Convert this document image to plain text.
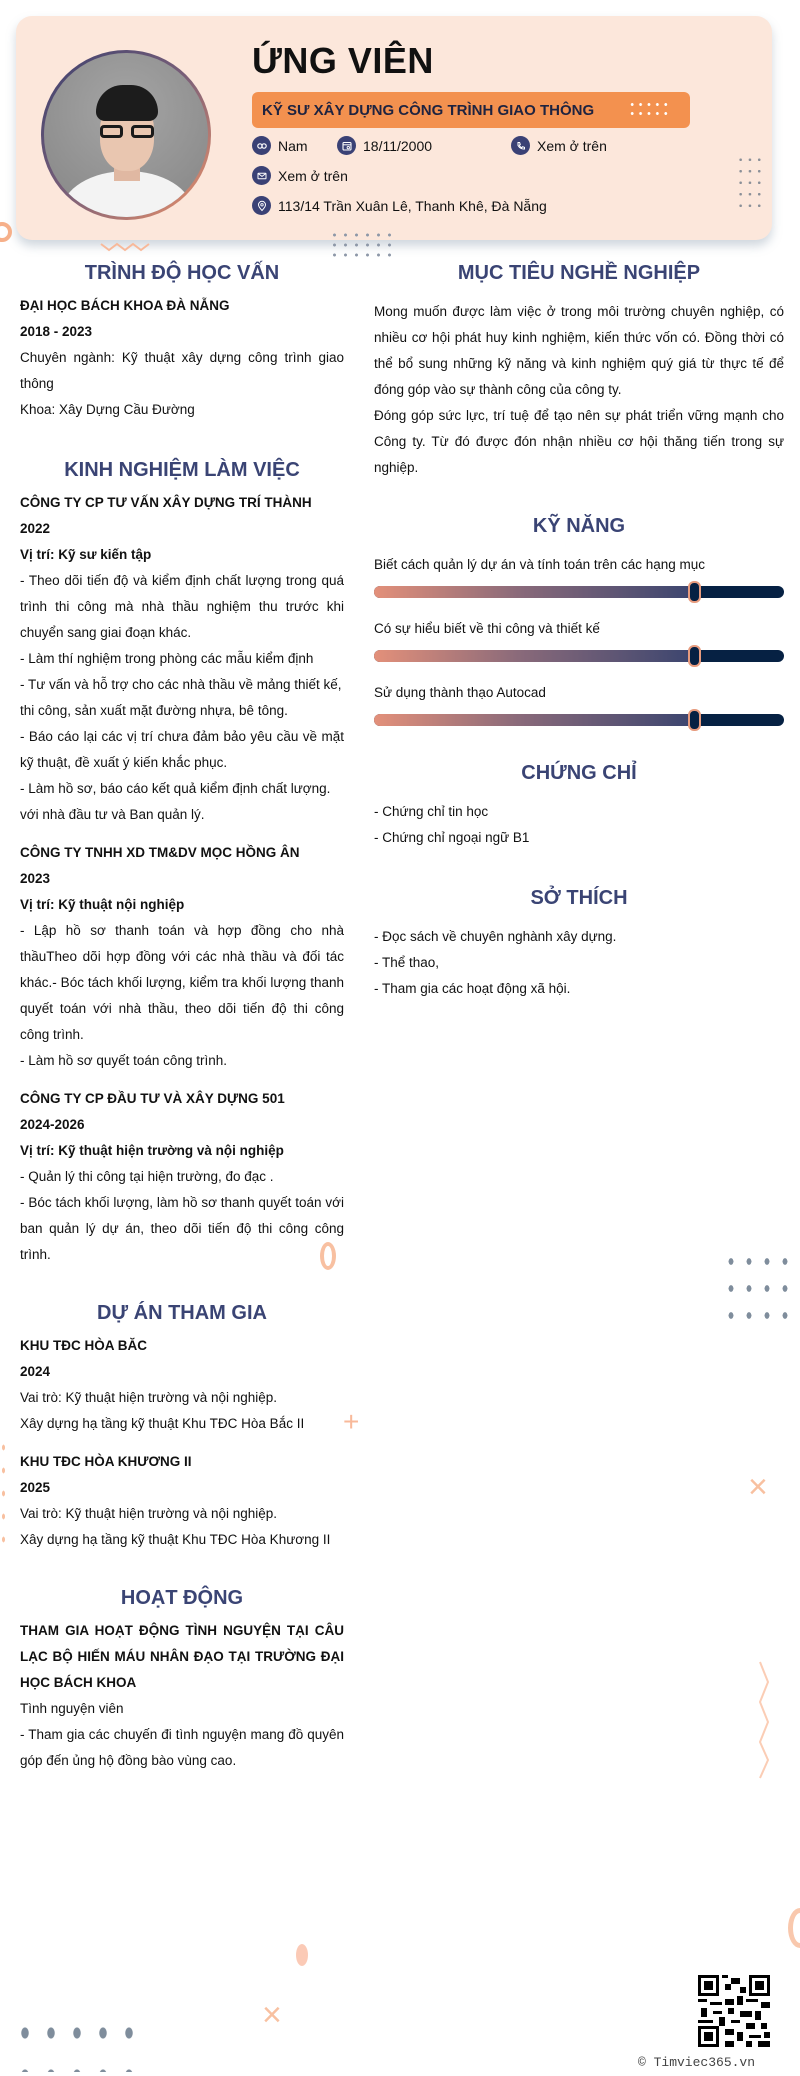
ỨNG VIÊN
KỸ SƯ XÂY DỰNG CÔNG TRÌNH GIAO THÔNG
Nam	18/11/2000	Xem ở trên
Xem ở trên
113/14 Trần Xuân Lê, Thanh Khê, Đà Nẵng
TRÌNH ĐỘ HỌC VẤN
ĐẠI HỌC BÁCH KHOA ĐÀ NẴNG
2018 - 2023
Chuyên ngành: Kỹ thuật xây dựng công trình giao thông
Khoa: Xây Dựng Cầu Đường
KINH NGHIỆM LÀM VIỆC
CÔNG TY CP TƯ VẤN XÂY DỰNG TRÍ THÀNH
2022
Vị trí: Kỹ sư kiến tập
- Theo dõi tiến độ và kiểm định chất lượng trong quá trình thi công mà nhà thầu nghiệm thu trước khi chuyển sang giai đoạn khác.
- Làm thí nghiệm trong phòng các mẫu kiểm định
- Tư vấn và hỗ trợ cho các nhà thầu về mảng thiết kế,
thi công, sản xuất mặt đường nhựa, bê tông.
- Báo cáo lại các vị trí chưa đảm bảo yêu cầu về mặt kỹ thuật, đề xuất ý kiến khắc phục.
- Làm hồ sơ, báo cáo kết quả kiểm định chất lượng.
với nhà đầu tư và Ban quản lý.
CÔNG TY TNHH XD TM&DV MỌC HỒNG ÂN
2023
Vị trí: Kỹ thuật nội nghiệp
- Lập hồ sơ thanh toán và hợp đồng cho nhà thầuTheo dõi hợp đồng với các nhà thầu và đối tác khác.- Bóc tách khối lượng, kiểm tra khối lượng thanh quyết toán với nhà thầu, theo dõi tiến độ thi công công trình.
- Làm hồ sơ quyết toán công trình.
CÔNG TY CP ĐẦU TƯ VÀ XÂY DỰNG 501
2024-2026
Vị trí: Kỹ thuật hiện trường và nội nghiệp
- Quản lý thi công tại hiện trường, đo đạc .
- Bóc tách khối lượng, làm hồ sơ thanh quyết toán với ban quản lý dự án, theo dõi tiến độ thi công công trình.
DỰ ÁN THAM GIA
KHU TĐC HÒA BĂC
2024
Vai trò: Kỹ thuật hiện trường và nội nghiệp.
Xây dựng hạ tầng kỹ thuật Khu TĐC Hòa Bắc II
KHU TĐC HÒA KHƯƠNG II
2025
Vai trò: Kỹ thuật hiện trường và nội nghiệp.
Xây dựng hạ tầng kỹ thuật Khu TĐC Hòa Khương II
HOẠT ĐỘNG
THAM GIA HOẠT ĐỘNG TÌNH NGUYỆN TẠI CÂU LẠC BỘ HIẾN MÁU NHÂN ĐẠO TẠI TRƯỜNG ĐẠI HỌC BÁCH KHOA
Tình nguyện viên
- Tham gia các chuyến đi tình nguyện mang đồ quyên góp đến ủng hộ đồng bào vùng cao.
MỤC TIÊU NGHỀ NGHIỆP
Mong muốn được làm việc ở trong môi trường chuyên nghiệp, có nhiều cơ hội phát huy kinh nghiệm, kiến thức vốn có. Đồng thời có thể bổ sung những kỹ năng và kinh nghiệm quý giá từ thực tế để đóng góp vào sự thành công của công ty.
Đóng góp sức lực, trí tuệ để tạo nên sự phát triển vững mạnh cho Công ty. Từ đó được đón nhận nhiều cơ hội thăng tiến trong sự nghiệp.
KỸ NĂNG
Biết cách quản lý dự án và tính toán trên các hạng mục
Có sự hiểu biết về thi công và thiết kế
Sử dụng thành thạo Autocad
CHỨNG CHỈ
- Chứng chỉ tin học
- Chứng chỉ ngoại ngữ B1
SỞ THÍCH
- Đọc sách về chuyên nghành xây dựng.
- Thể thao,
- Tham gia các hoạt động xã hội.
+
×
×
© Timviec365.vn
